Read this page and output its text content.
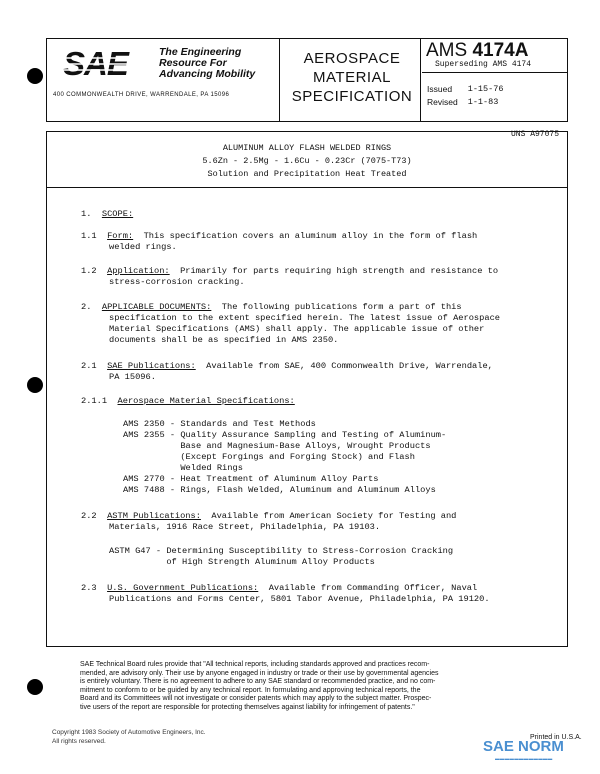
SAE	The Engineering
Resource For
Advancing Mobility
400 COMMONWEALTH DRIVE, WARRENDALE, PA 15096
AEROSPACE
MATERIAL
SPECIFICATION
AMS 4174A
Superseding AMS 4174
Issued	1-15-76
Revised	1-1-83
UNS A97075
ALUMINUM ALLOY FLASH WELDED RINGS
5.6Zn - 2.5Mg - 1.6Cu - 0.23Cr (7075-T73)
Solution and Precipitation Heat Treated
1. SCOPE:
1.1 Form: This specification covers an aluminum alloy in the form of flash
welded rings.
1.2 Application: Primarily for parts requiring high strength and resistance to
stress-corrosion cracking.
2. APPLICABLE DOCUMENTS: The following publications form a part of this
specification to the extent specified herein. The latest issue of Aerospace
Material Specifications (AMS) shall apply. The applicable issue of other
documents shall be as specified in AMS 2350.
2.1 SAE Publications: Available from SAE, 400 Commonwealth Drive, Warrendale,
PA 15096.
2.1.1 Aerospace Material Specifications:
AMS 2350 - Standards and Test Methods
AMS 2355 - Quality Assurance Sampling and Testing of Aluminum-
Base and Magnesium-Base Alloys, Wrought Products
(Except Forgings and Forging Stock) and Flash
Welded Rings
AMS 2770 - Heat Treatment of Aluminum Alloy Parts
AMS 7488 - Rings, Flash Welded, Aluminum and Aluminum Alloys
2.2 ASTM Publications: Available from American Society for Testing and
Materials, 1916 Race Street, Philadelphia, PA 19103.
ASTM G47 - Determining Susceptibility to Stress-Corrosion Cracking
of High Strength Aluminum Alloy Products
2.3 U.S. Government Publications: Available from Commanding Officer, Naval
Publications and Forms Center, 5801 Tabor Avenue, Philadelphia, PA 19120.
SAE Technical Board rules provide that "All technical reports, including standards approved and practices recom-
mended, are advisory only. Their use by anyone engaged in industry or trade or their use by governmental agencies
is entirely voluntary. There is no agreement to adhere to any SAE standard or recommended practice, and no com-
mitment to conform to or be guided by any technical report. In formulating and approving technical reports, the
Board and its Committees will not investigate or consider patents which may apply to the subject matter. Prospec-
tive users of the report are responsible for protecting themselves against liability for infringement of patents."
Copyright 1983 Society of Automotive Engineers, Inc.
All rights reserved.
Printed in U.S.A.
SAE NORM
▬▬▬▬▬▬▬▬▬▬▬▬
